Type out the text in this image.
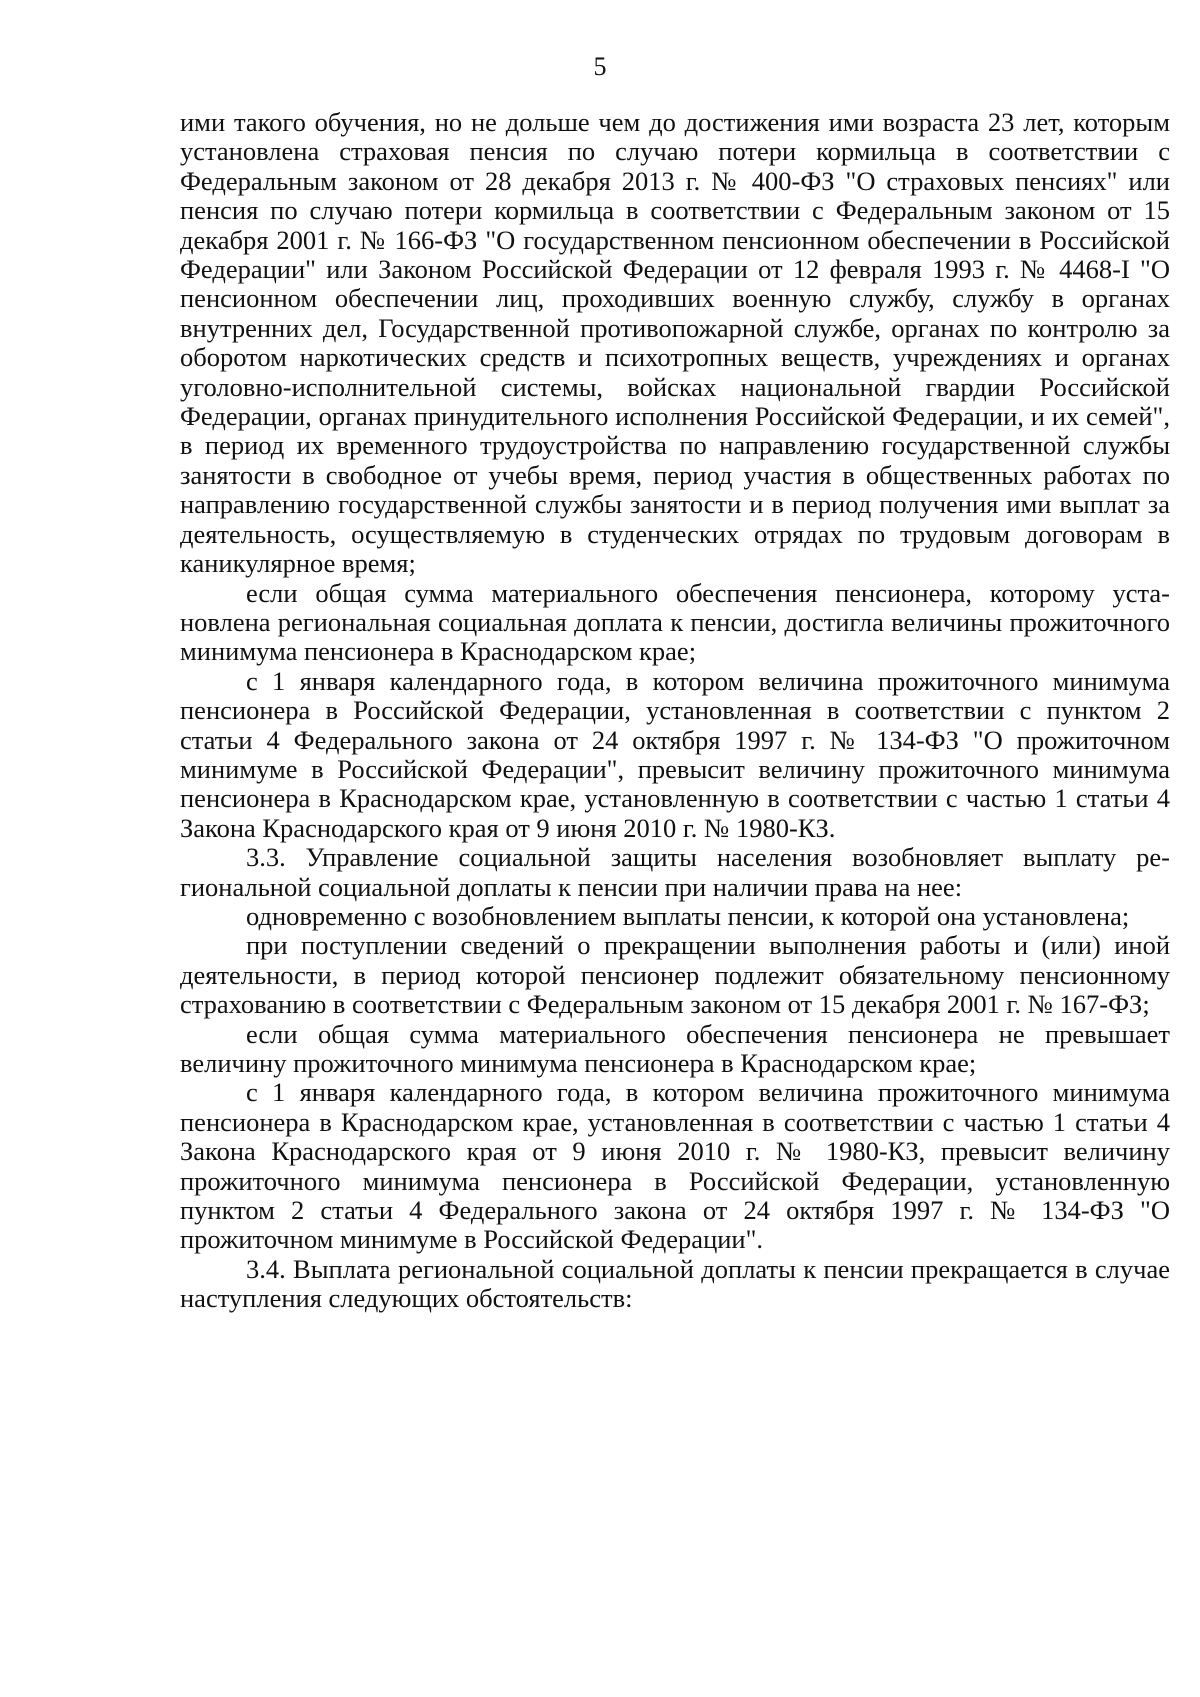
5

ими такого обучения, но не дольше чем до достижения ими возраста 23 лет, которым установлена страховая пенсия по случаю потери кормильца в соответствии с Федеральным законом от 28 декабря 2013 г. № 400-ФЗ "О страховых пенсиях" или пенсия по случаю потери кормильца в соответствии с Федеральным законом от 15 декабря 2001 г. № 166-ФЗ "О государственном пенсионном обеспечении в Российской Федерации" или Законом Российской Федерации от 12 февраля 1993 г. № 4468-I "О пенсионном обеспечении лиц, проходивших военную службу, службу в органах внутренних дел, Государственной противопожарной службе, органах по контролю за оборотом наркотических средств и психотропных веществ, учреждениях и органах уголовно-исполнительной системы, войсках национальной гвардии Российской Федерации, органах принудительного исполнения Российской Федерации, и их семей", в период их временного трудоустройства по направлению государственной службы занятости в свободное от учебы время, период участия в общественных работах по направлению государственной службы занятости и в период получения ими выплат за деятельность, осуществляемую в студенческих отрядах по трудовым договорам в каникулярное время;

если общая сумма материального обеспечения пенсионера, которому установлена региональная социальная доплата к пенсии, достигла величины прожиточного минимума пенсионера в Краснодарском крае;

с 1 января календарного года, в котором величина прожиточного минимума пенсионера в Российской Федерации, установленная в соответствии с пунктом 2 статьи 4 Федерального закона от 24 октября 1997 г. № 134-ФЗ "О прожиточном минимуме в Российской Федерации", превысит величину прожиточного минимума пенсионера в Краснодарском крае, установленную в соответствии с частью 1 статьи 4 Закона Краснодарского края от 9 июня 2010 г. № 1980-КЗ.

3.3. Управление социальной защиты населения возобновляет выплату региональной социальной доплаты к пенсии при наличии права на нее:

одновременно с возобновлением выплаты пенсии, к которой она установлена;

при поступлении сведений о прекращении выполнения работы и (или) иной деятельности, в период которой пенсионер подлежит обязательному пенсионному страхованию в соответствии с Федеральным законом от 15 декабря 2001 г. № 167-ФЗ;

если общая сумма материального обеспечения пенсионера не превышает величину прожиточного минимума пенсионера в Краснодарском крае;

с 1 января календарного года, в котором величина прожиточного минимума пенсионера в Краснодарском крае, установленная в соответствии с частью 1 статьи 4 Закона Краснодарского края от 9 июня 2010 г. № 1980-КЗ, превысит величину прожиточного минимума пенсионера в Российской Федерации, установленную пунктом 2 статьи 4 Федерального закона от 24 октября 1997 г. № 134-ФЗ "О прожиточном минимуме в Российской Федерации".

3.4. Выплата региональной социальной доплаты к пенсии прекращается в случае наступления следующих обстоятельств:
